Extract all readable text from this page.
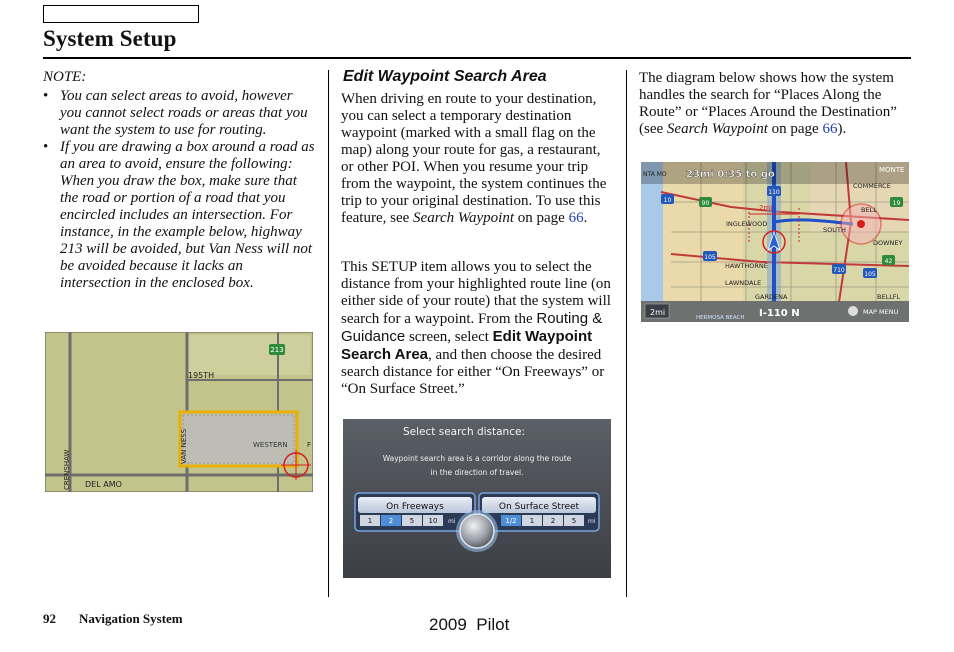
System Setup
NOTE:
• You can select areas to avoid, however you cannot select roads or areas that you want the system to use for routing.
• If you are drawing a box around a road as an area to avoid, ensure the following: When you draw the box, make sure that the road or portion of a road that you encircled includes an intersection. For instance, in the example below, highway 213 will be avoided, but Van Ness will not be avoided because it lacks an intersection in the enclosed box.
195TH
DEL AMO
CRENSHAW
VAN NESS	WESTERN	F
213
Edit Waypoint Search Area
When driving en route to your destination, you can select a temporary destination waypoint (marked with a small flag on the map) along your route for gas, a restaurant, or other POI. When you resume your trip from the waypoint, the system continues the trip to your original destination. To use this feature, see Search Waypoint on page 66.
This SETUP item allows you to select the distance from your highlighted route line (on either side of your route) that the system will search for a waypoint. From the Routing & Guidance screen, select Edit Waypoint Search Area, and then choose the desired search distance for either “On Freeways” or “On Surface Street.”
Select search distance:
Waypoint search area is a corridor along the route
in the direction of travel.
On Freeways
1 2 5 10 mi
On Surface Street
1/2 1 2 5 mi
The diagram below shows how the system handles the search for “Places Along the Route” or “Places Around the Destination” (see Search Waypoint on page 66).
2mi
23mi 0:35 to go	MONTE
NTA MO
INGLEWOOD
SOUTH
HAWTHORNE
LAWNDALE
GARDENA
COMMERCE
BELL
DOWNEY
BELLFL
10	90
110
105
710
105
19
42
2mi
HERMOSA BEACH I-110 N	MAP MENU
92 Navigation System	2009  Pilot
